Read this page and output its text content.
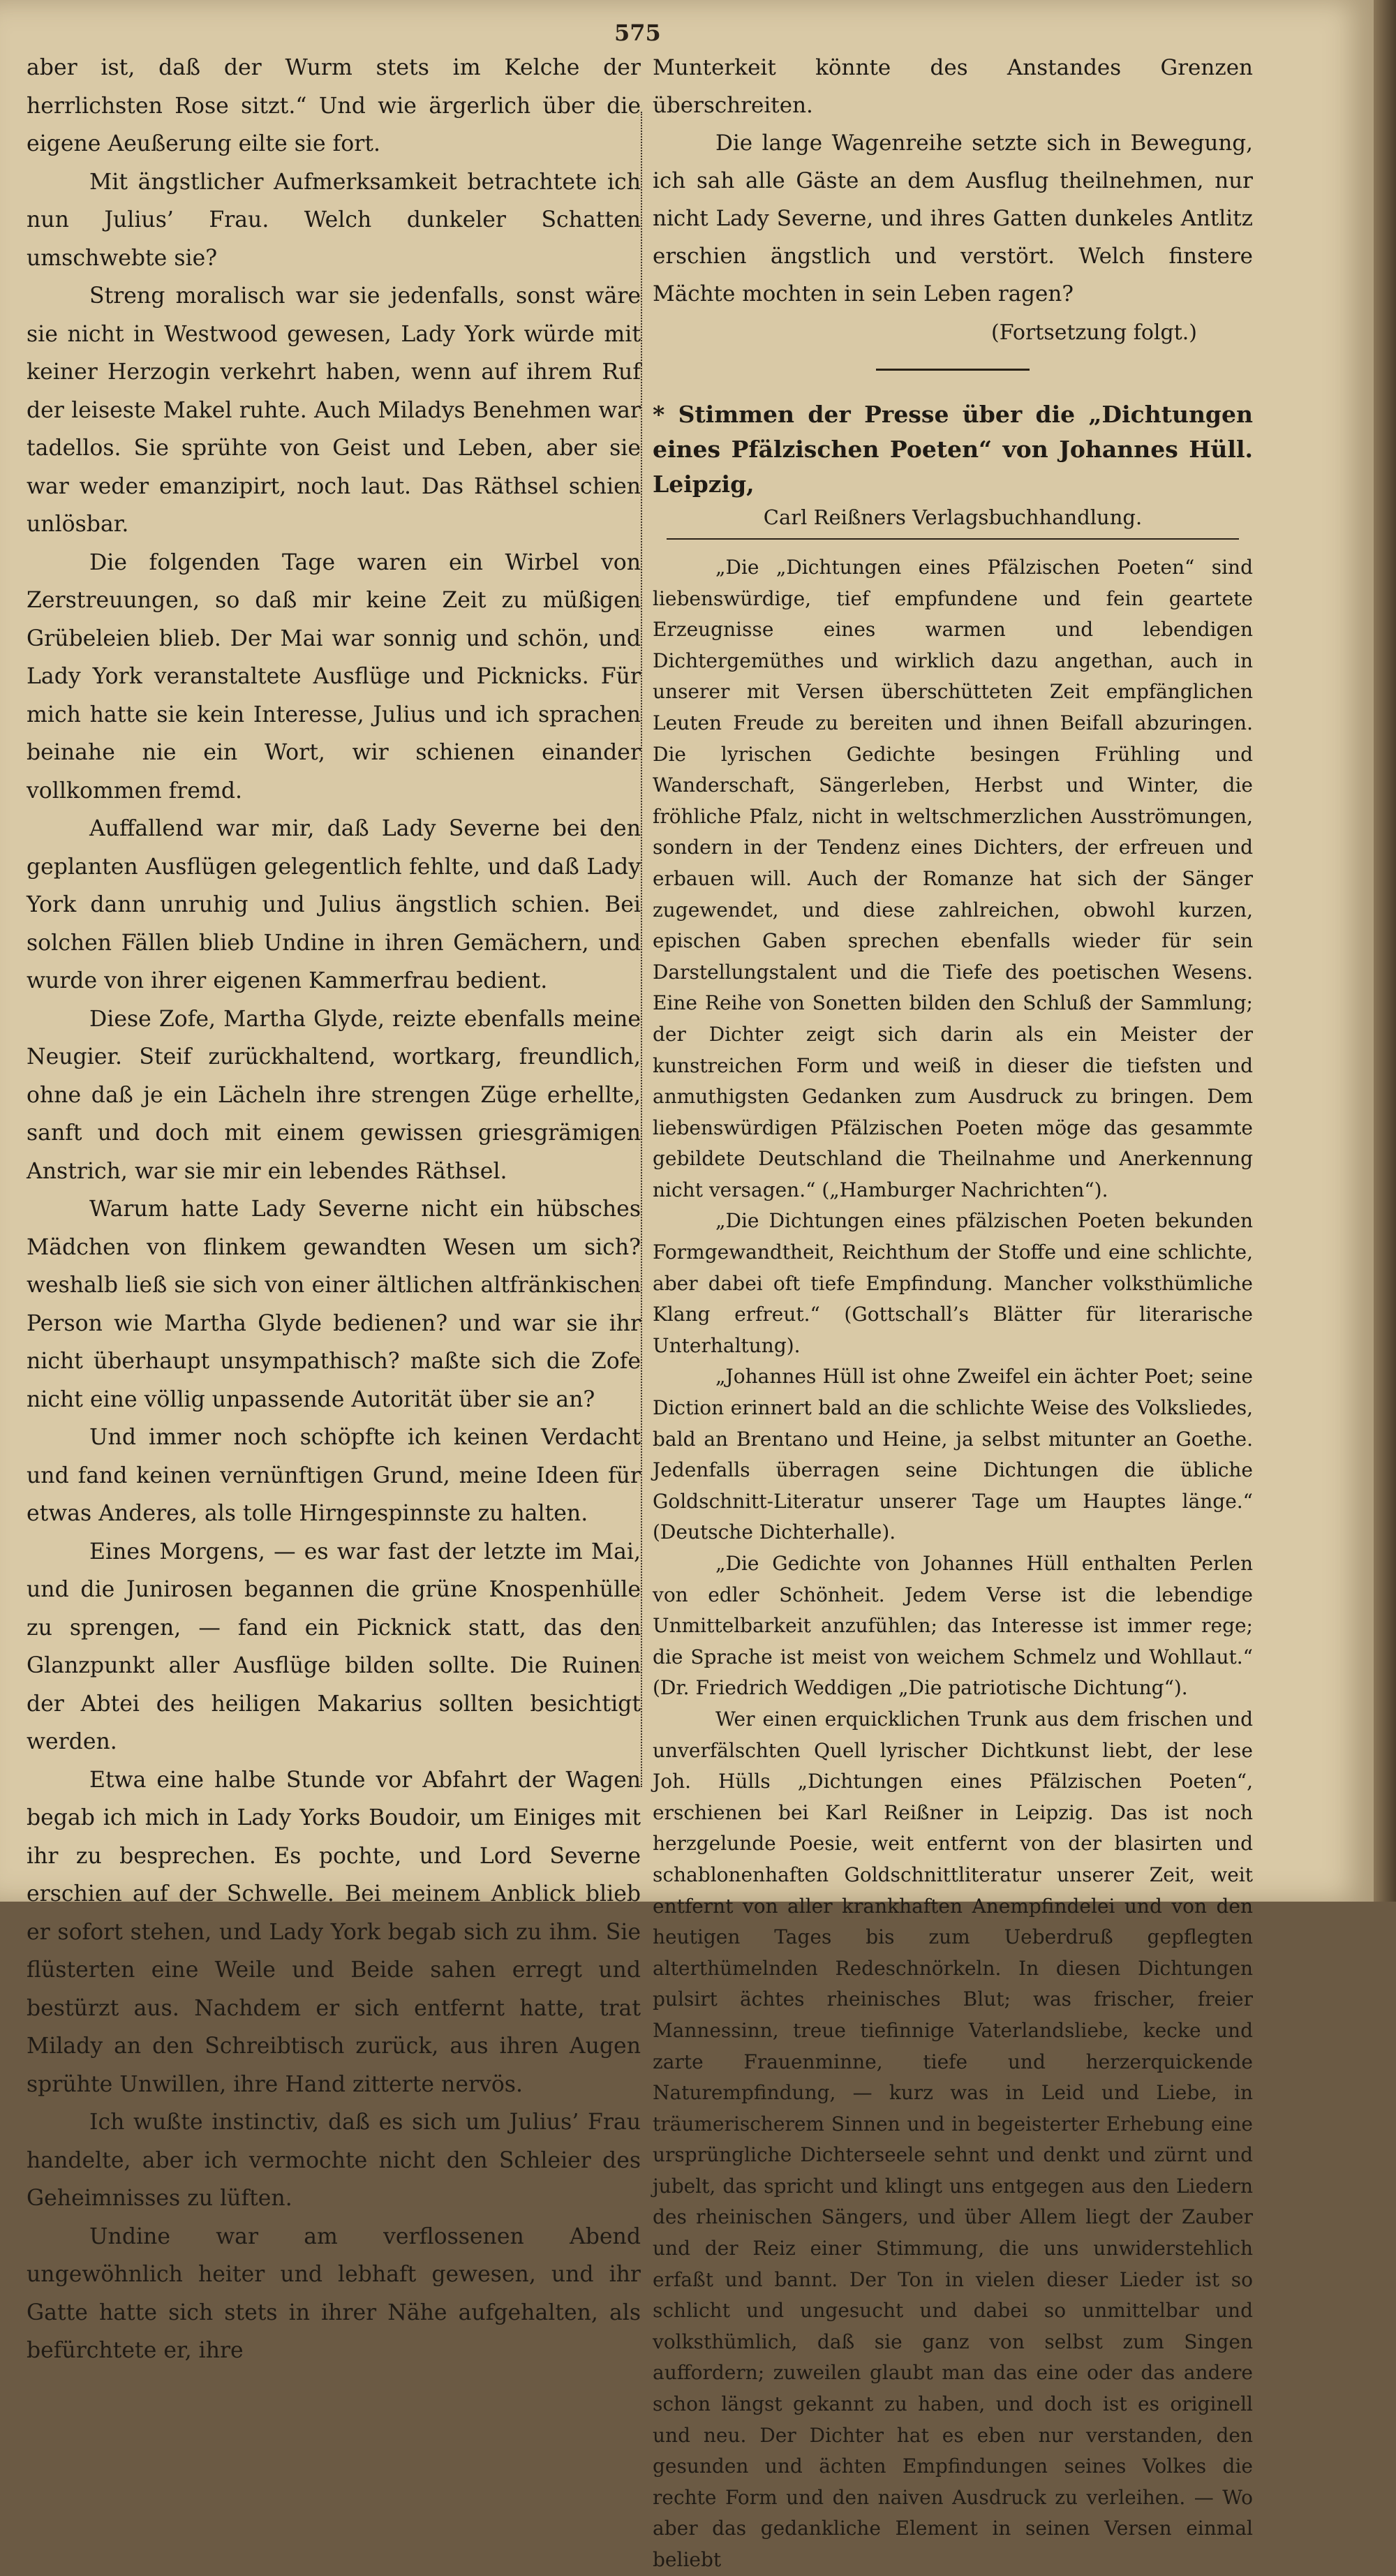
575

aber ist, daß der Wurm stets im Kelche der herrlichsten Rose sitzt.“ Und wie ärgerlich über die eigene Aeußerung eilte sie fort.

Mit ängstlicher Aufmerksamkeit betrachtete ich nun Julius’ Frau. Welch dunkeler Schatten umschwebte sie?

Streng moralisch war sie jedenfalls, sonst wäre sie nicht in Westwood gewesen, Lady York würde mit keiner Herzogin verkehrt haben, wenn auf ihrem Ruf der leiseste Makel ruhte. Auch Miladys Benehmen war tadellos. Sie sprühte von Geist und Leben, aber sie war weder emanzipirt, noch laut. Das Räthsel schien unlösbar.

Die folgenden Tage waren ein Wirbel von Zerstreuungen, so daß mir keine Zeit zu müßigen Grübeleien blieb. Der Mai war sonnig und schön, und Lady York veranstaltete Ausflüge und Picknicks. Für mich hatte sie kein Interesse, Julius und ich sprachen beinahe nie ein Wort, wir schienen einander vollkommen fremd.

Auffallend war mir, daß Lady Severne bei den geplanten Ausflügen gelegentlich fehlte, und daß Lady York dann unruhig und Julius ängstlich schien. Bei solchen Fällen blieb Undine in ihren Gemächern, und wurde von ihrer eigenen Kammerfrau bedient.

Diese Zofe, Martha Glyde, reizte ebenfalls meine Neugier. Steif zurückhaltend, wortkarg, freundlich, ohne daß je ein Lächeln ihre strengen Züge erhellte, sanft und doch mit einem gewissen griesgrämigen Anstrich, war sie mir ein lebendes Räthsel.

Warum hatte Lady Severne nicht ein hübsches Mädchen von flinkem gewandten Wesen um sich? weshalb ließ sie sich von einer ältlichen altfränkischen Person wie Martha Glyde bedienen? und war sie ihr nicht überhaupt unsympathisch? maßte sich die Zofe nicht eine völlig unpassende Autorität über sie an?

Und immer noch schöpfte ich keinen Verdacht und fand keinen vernünftigen Grund, meine Ideen für etwas Anderes, als tolle Hirngespinnste zu halten.

Eines Morgens, — es war fast der letzte im Mai, und die Junirosen begannen die grüne Knospenhülle zu sprengen, — fand ein Picknick statt, das den Glanzpunkt aller Ausflüge bilden sollte. Die Ruinen der Abtei des heiligen Makarius sollten besichtigt werden.

Etwa eine halbe Stunde vor Abfahrt der Wagen begab ich mich in Lady Yorks Boudoir, um Einiges mit ihr zu besprechen. Es pochte, und Lord Severne erschien auf der Schwelle. Bei meinem Anblick blieb er sofort stehen, und Lady York begab sich zu ihm. Sie flüsterten eine Weile und Beide sahen erregt und bestürzt aus. Nachdem er sich entfernt hatte, trat Milady an den Schreibtisch zurück, aus ihren Augen sprühte Unwillen, ihre Hand zitterte nervös.

Ich wußte instinctiv, daß es sich um Julius’ Frau handelte, aber ich vermochte nicht den Schleier des Geheimnisses zu lüften.

Undine war am verflossenen Abend ungewöhnlich heiter und lebhaft gewesen, und ihr Gatte hatte sich stets in ihrer Nähe aufgehalten, als befürchtete er, ihre

Munterkeit könnte des Anstandes Grenzen überschreiten.

Die lange Wagenreihe setzte sich in Bewegung, ich sah alle Gäste an dem Ausflug theilnehmen, nur nicht Lady Severne, und ihres Gatten dunkeles Antlitz erschien ängstlich und verstört. Welch finstere Mächte mochten in sein Leben ragen?

(Fortsetzung folgt.)

* Stimmen der Presse über die „Dichtungen eines Pfälzischen Poeten“ von Johannes Hüll. Leipzig,

Carl Reißners Verlagsbuchhandlung.

„Die „Dichtungen eines Pfälzischen Poeten“ sind liebenswürdige, tief empfundene und fein geartete Erzeugnisse eines warmen und lebendigen Dichtergemüthes und wirklich dazu angethan, auch in unserer mit Versen überschütteten Zeit empfänglichen Leuten Freude zu bereiten und ihnen Beifall abzuringen. Die lyrischen Gedichte besingen Frühling und Wanderschaft, Sängerleben, Herbst und Winter, die fröhliche Pfalz, nicht in weltschmerzlichen Ausströmungen, sondern in der Tendenz eines Dichters, der erfreuen und erbauen will. Auch der Romanze hat sich der Sänger zugewendet, und diese zahlreichen, obwohl kurzen, epischen Gaben sprechen ebenfalls wieder für sein Darstellungstalent und die Tiefe des poetischen Wesens. Eine Reihe von Sonetten bilden den Schluß der Sammlung; der Dichter zeigt sich darin als ein Meister der kunstreichen Form und weiß in dieser die tiefsten und anmuthigsten Gedanken zum Ausdruck zu bringen. Dem liebenswürdigen Pfälzischen Poeten möge das gesammte gebildete Deutschland die Theilnahme und Anerkennung nicht versagen.“ („Hamburger Nachrichten“).

„Die Dichtungen eines pfälzischen Poeten bekunden Formgewandtheit, Reichthum der Stoffe und eine schlichte, aber dabei oft tiefe Empfindung. Mancher volksthümliche Klang erfreut.“ (Gottschall’s Blätter für literarische Unterhaltung).

„Johannes Hüll ist ohne Zweifel ein ächter Poet; seine Diction erinnert bald an die schlichte Weise des Volksliedes, bald an Brentano und Heine, ja selbst mitunter an Goethe. Jedenfalls überragen seine Dichtungen die übliche Goldschnitt-Literatur unserer Tage um Hauptes länge.“ (Deutsche Dichterhalle).

„Die Gedichte von Johannes Hüll enthalten Perlen von edler Schönheit. Jedem Verse ist die lebendige Unmittelbarkeit anzufühlen; das Interesse ist immer rege; die Sprache ist meist von weichem Schmelz und Wohllaut.“ (Dr. Friedrich Weddigen „Die patriotische Dichtung“).

Wer einen erquicklichen Trunk aus dem frischen und unverfälschten Quell lyrischer Dichtkunst liebt, der lese Joh. Hülls „Dichtungen eines Pfälzischen Poeten“, erschienen bei Karl Reißner in Leipzig. Das ist noch herzgelunde Poesie, weit entfernt von der blasirten und schablonenhaften Goldschnittliteratur unserer Zeit, weit entfernt von aller krankhaften Anempfindelei und von den heutigen Tages bis zum Ueberdruß gepflegten alterthümelnden Redeschnörkeln. In diesen Dichtungen pulsirt ächtes rheinisches Blut; was frischer, freier Mannessinn, treue tiefinnige Vaterlandsliebe, kecke und zarte Frauenminne, tiefe und herzerquickende Naturempfindung, — kurz was in Leid und Liebe, in träumerischerem Sinnen und in begeisterter Erhebung eine ursprüngliche Dichterseele sehnt und denkt und zürnt und jubelt, das spricht und klingt uns entgegen aus den Liedern des rheinischen Sängers, und über Allem liegt der Zauber und der Reiz einer Stimmung, die uns unwiderstehlich erfaßt und bannt. Der Ton in vielen dieser Lieder ist so schlicht und ungesucht und dabei so unmittelbar und volksthümlich, daß sie ganz von selbst zum Singen auffordern; zuweilen glaubt man das eine oder das andere schon längst gekannt zu haben, und doch ist es originell und neu. Der Dichter hat es eben nur verstanden, den gesunden und ächten Empfindungen seines Volkes die rechte Form und den naiven Ausdruck zu verleihen. — Wo aber das gedankliche Element in seinen Versen einmal beliebt
